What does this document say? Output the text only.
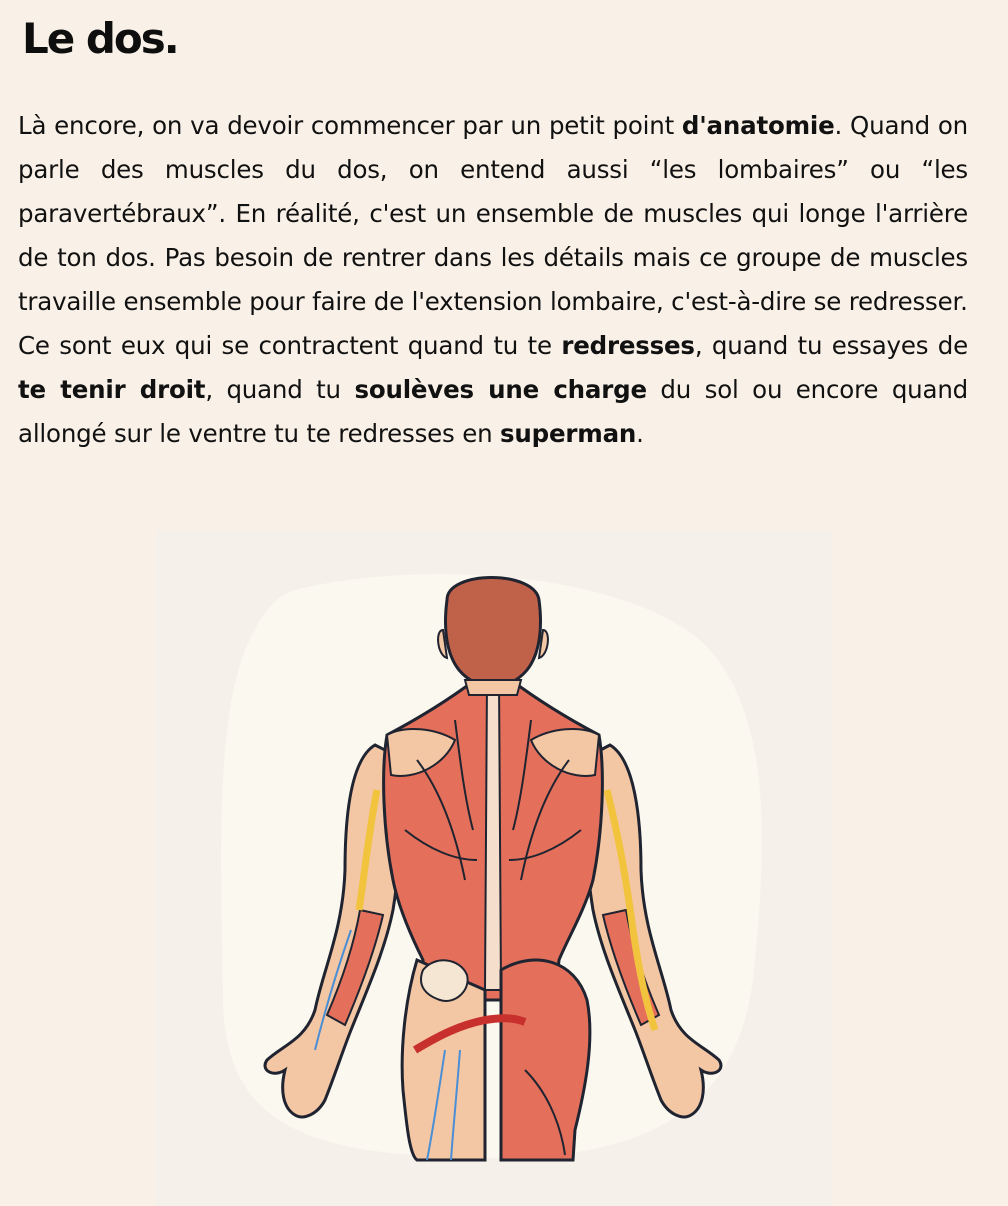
Le dos.

Là encore, on va devoir commencer par un petit point d'anatomie. Quand on parle des muscles du dos, on entend aussi “les lombaires” ou “les paravertébraux”. En réalité, c'est un ensemble de muscles qui longe l'arrière de ton dos. Pas besoin de rentrer dans les détails mais ce groupe de muscles travaille ensemble pour faire de l'extension lombaire, c'est-à-dire se redresser.

Ce sont eux qui se contractent quand tu te redresses, quand tu essayes de te tenir droit, quand tu soulèves une charge du sol ou encore quand allongé sur le ventre tu te redresses en superman.
